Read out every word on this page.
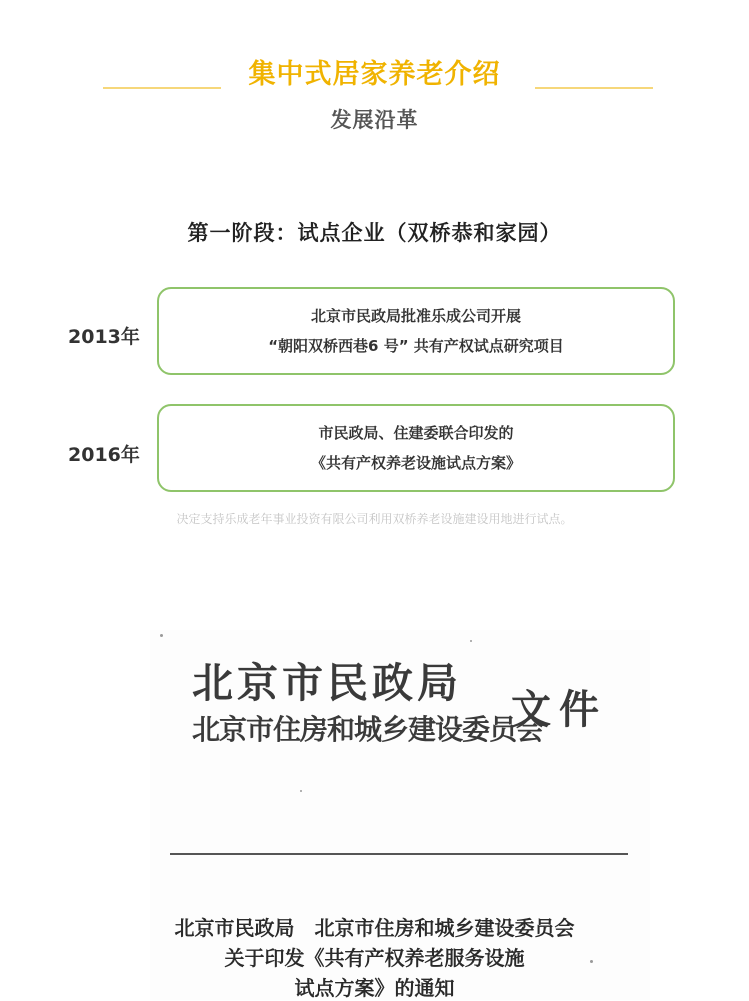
集中式居家养老介绍
发展沿革
第一阶段：试点企业（双桥恭和家园）
2013年
北京市民政局批准乐成公司开展
“朝阳双桥西巷6 号” 共有产权试点研究项目
2016年
市民政局、住建委联合印发的
《共有产权养老设施试点方案》
决定支持乐成老年事业投资有限公司利用双桥养老设施建设用地进行试点。
北京市民政局
北京市住房和城乡建设委员会
文件
北京市民政局　北京市住房和城乡建设委员会
关于印发《共有产权养老服务设施
试点方案》的通知
